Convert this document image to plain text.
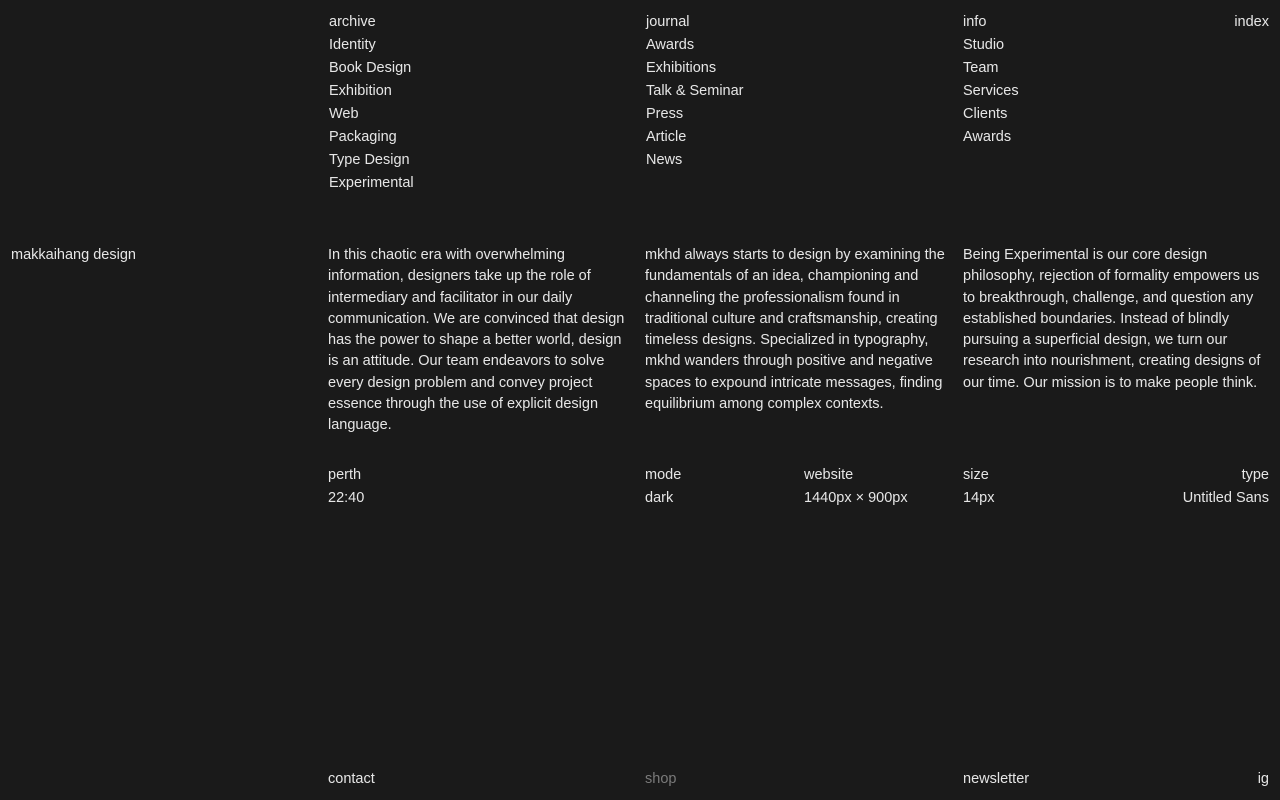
makkaihang design
archive
Identity
Book Design
Exhibition
Web
Packaging
Type Design
Experimental
journal
Awards
Exhibitions
Talk & Seminar
Press
Article
News
info
Studio
Team
Services
Clients
Awards
index
In this chaotic era with overwhelming information, designers take up the role of intermediary and facilitator in our daily communication. We are convinced that design has the power to shape a better world, design is an attitude. Our team endeavors to solve every design problem and convey project essence through the use of explicit design language.
mkhd always starts to design by examining the fundamentals of an idea, championing and channeling the professionalism found in traditional culture and craftsmanship, creating timeless designs. Specialized in typography, mkhd wanders through positive and negative spaces to expound intricate messages, finding equilibrium among complex contexts.
Being Experimental is our core design philosophy, rejection of formality empowers us to breakthrough, challenge, and question any established boundaries. Instead of blindly pursuing a superficial design, we turn our research into nourishment, creating designs of our time. Our mission is to make people think.
perth
22:40
mode
dark
website
1440px × 900px
size
14px
type
Untitled Sans
contact	shop	newsletter	ig
